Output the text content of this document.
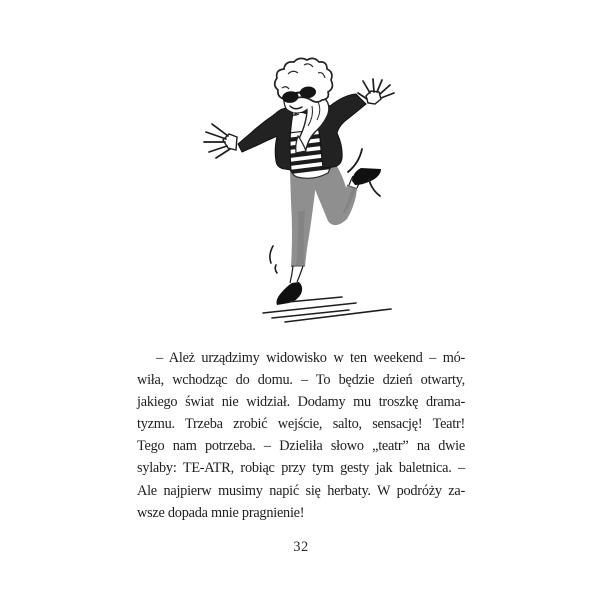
– Ależ urządzimy widowisko w ten weekend – mó-
wiła, wchodząc do domu. – To będzie dzień otwarty,
jakiego świat nie widział. Dodamy mu troszkę drama-
tyzmu. Trzeba zrobić wejście, salto, sensację! Teatr!
Tego nam potrzeba. – Dzieliła słowo „teatr” na dwie
sylaby: TE-ATR, robiąc przy tym gesty jak baletnica. –
Ale najpierw musimy napić się herbaty. W podróży za-
wsze dopada mnie pragnienie!
32
